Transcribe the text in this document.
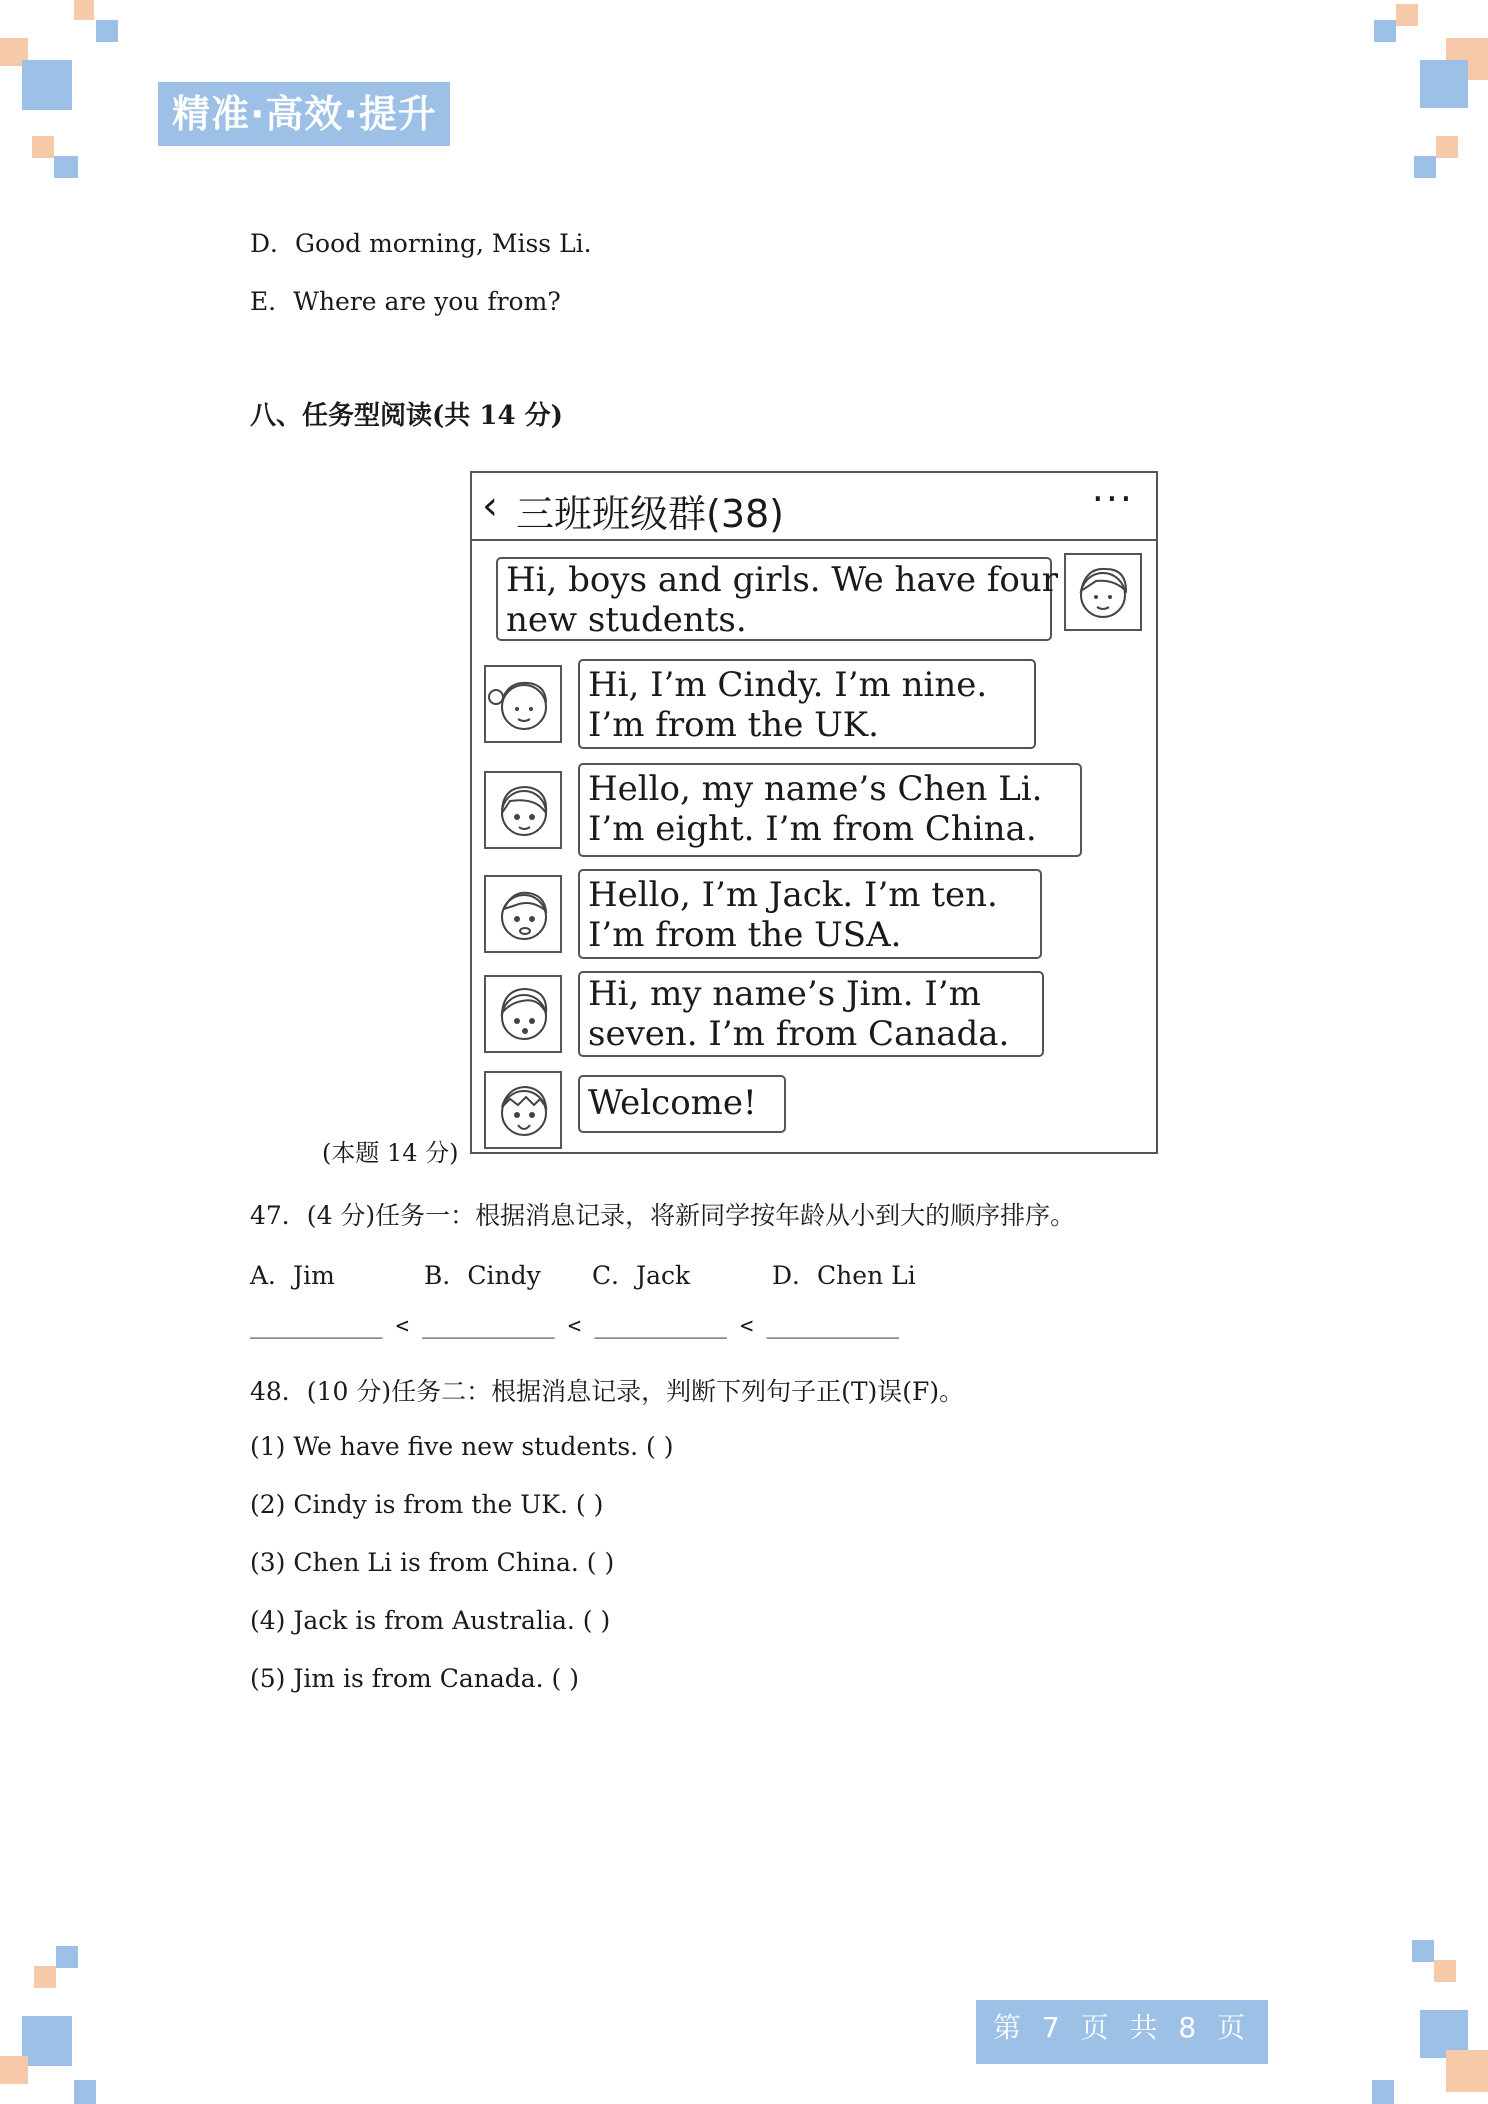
精准·高效·提升
D．Good morning, Miss Li.
E．Where are you from?
八、任务型阅读(共 14 分)
‹ 三班班级群(38)	···
Hi, boys and girls. We have four
new students.
Hi, I’m Cindy. I’m nine.
I’m from the UK.
Hello, my name’s Chen Li.
I’m eight. I’m from China.
Hello, I’m Jack. I’m ten.
I’m from the USA.
Hi, my name’s Jim. I’m
seven. I’m from Canada.
Welcome!
(本题 14 分)
47．(4 分)任务一：根据消息记录，将新同学按年龄从小到大的顺序排序。
A．Jim	B．Cindy C．Jack	D．Chen Li
__________ < __________ < __________ < __________
48．(10 分)任务二：根据消息记录，判断下列句子正(T)误(F)。
(1) We have five new students. ( )
(2) Cindy is from the UK. ( )
(3) Chen Li is from China. ( )
(4) Jack is from Australia. ( )
(5) Jim is from Canada. ( )
第 7 页 共 8 页
